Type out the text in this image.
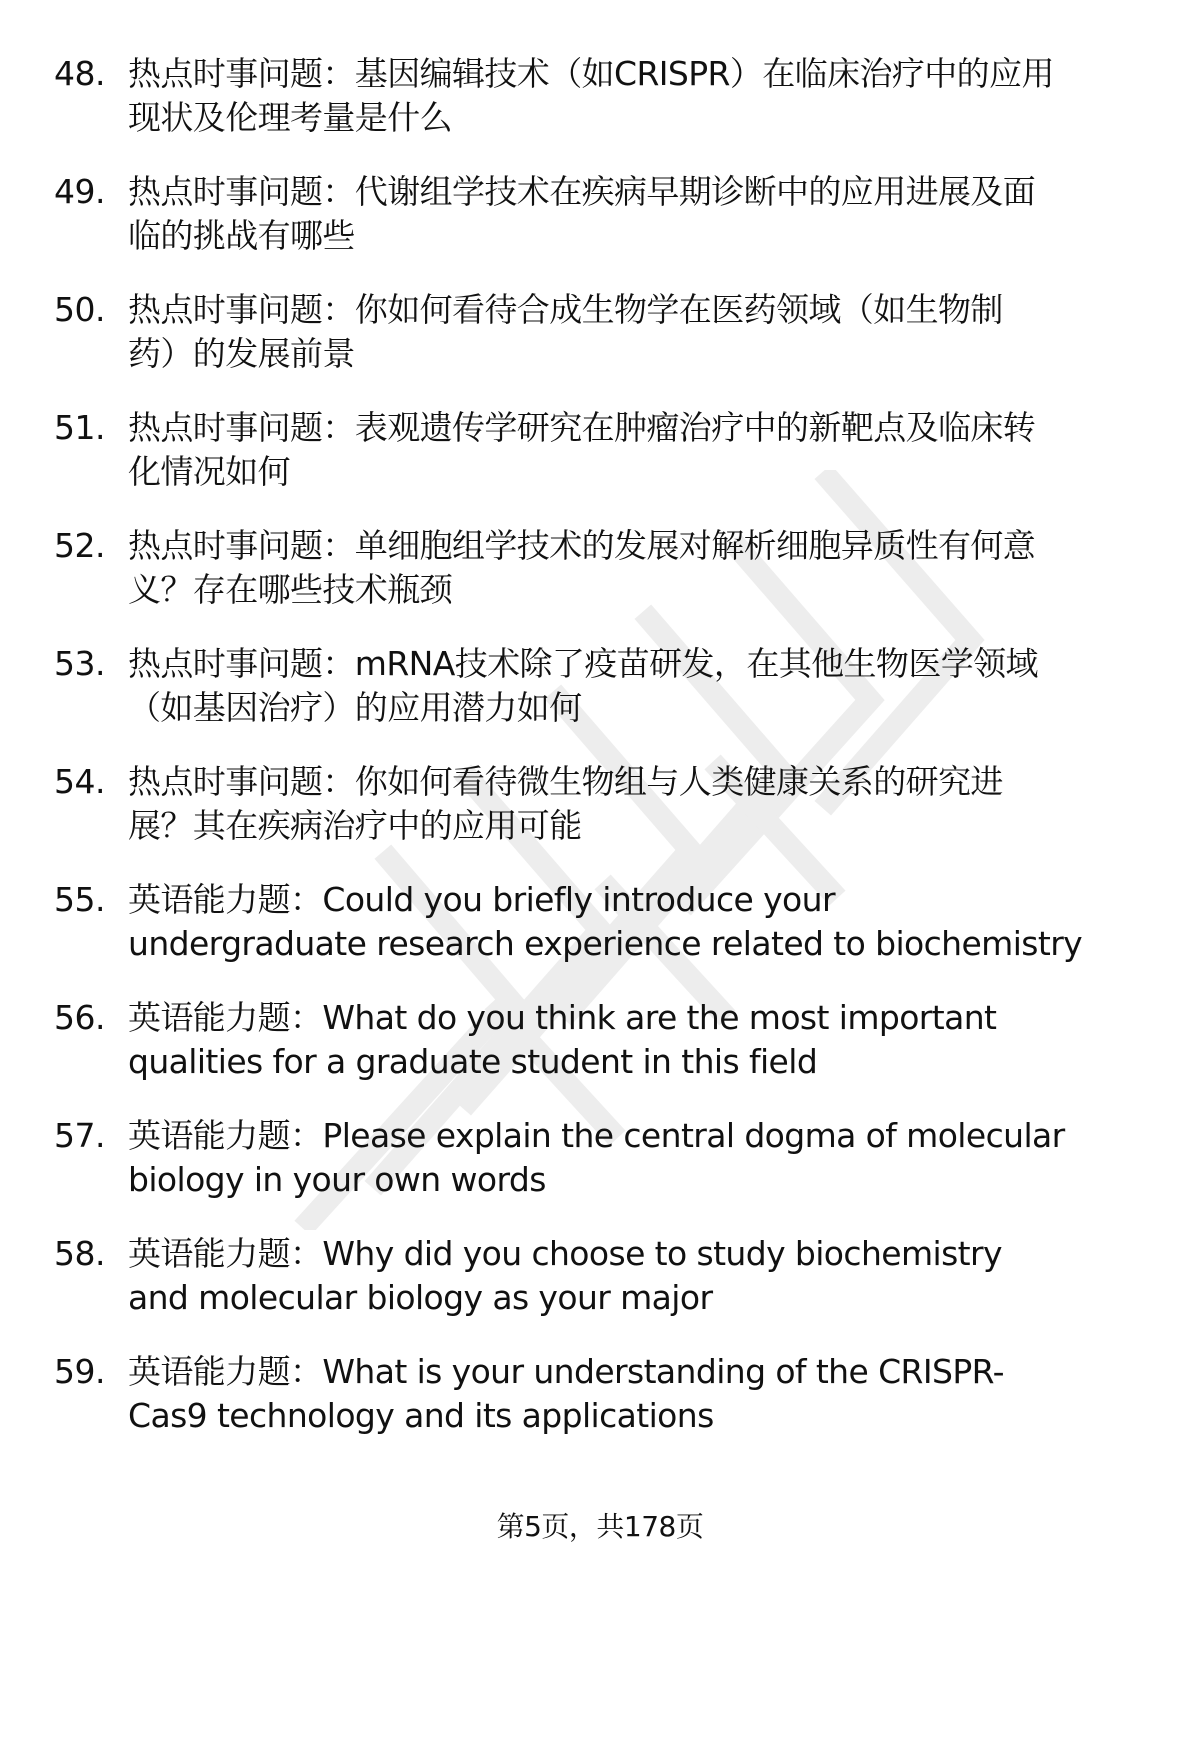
48. 热点时事问题：基因编辑技术（如CRISPR）在临床治疗中的应用
现状及伦理考量是什么
49. 热点时事问题：代谢组学技术在疾病早期诊断中的应用进展及面
临的挑战有哪些
50. 热点时事问题：你如何看待合成生物学在医药领域（如生物制
药）的发展前景
51. 热点时事问题：表观遗传学研究在肿瘤治疗中的新靶点及临床转
化情况如何
52. 热点时事问题：单细胞组学技术的发展对解析细胞异质性有何意
义？存在哪些技术瓶颈
53. 热点时事问题：mRNA技术除了疫苗研发，在其他生物医学领域
（如基因治疗）的应用潜力如何
54. 热点时事问题：你如何看待微生物组与人类健康关系的研究进
展？其在疾病治疗中的应用可能
55. 英语能力题：Could you briefly introduce your
undergraduate research experience related to biochemistry
56. 英语能力题：What do you think are the most important
qualities for a graduate student in this field
57. 英语能力题：Please explain the central dogma of molecular
biology in your own words
58. 英语能力题：Why did you choose to study biochemistry
and molecular biology as your major
59. 英语能力题：What is your understanding of the CRISPR-
Cas9 technology and its applications
第5页，共178页
